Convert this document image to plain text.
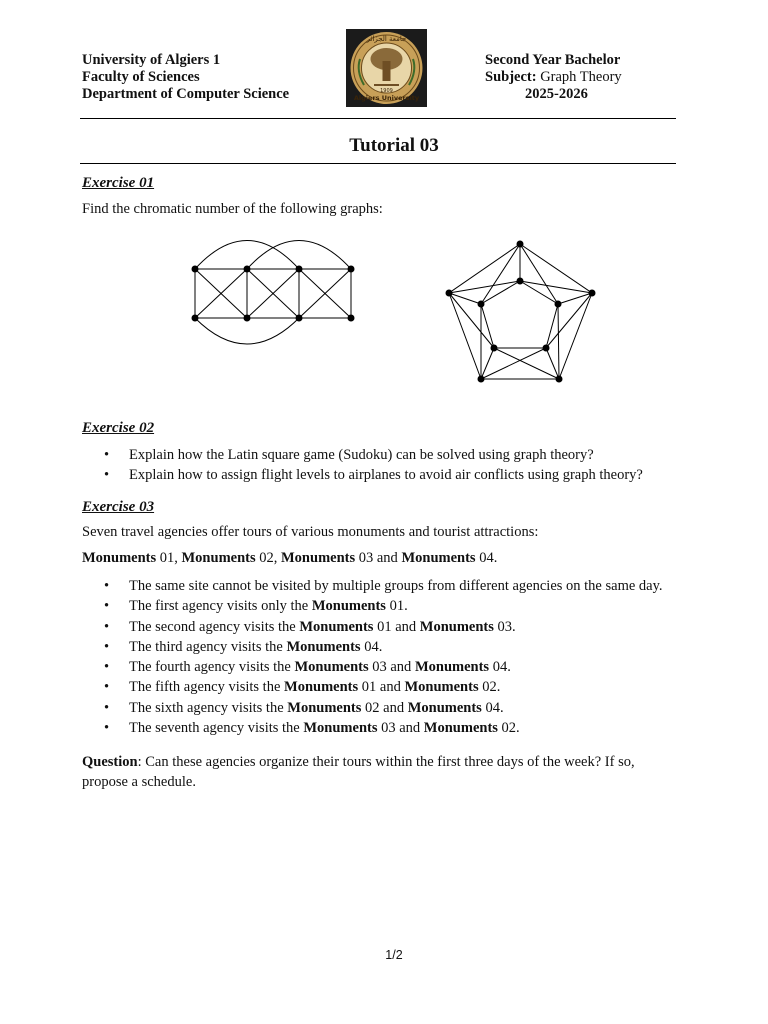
University of Algiers 1
Faculty of Sciences
Department of Computer Science
جامعة الجزائر
Algiers University
1909
Second Year Bachelor
Subject: Graph Theory
2025-2026
Tutorial 03
Exercise 01
Find the chromatic number of the following graphs:
Exercise 02
• Explain how the Latin square game (Sudoku) can be solved using graph theory?
• Explain how to assign flight levels to airplanes to avoid air conflicts using graph theory?
Exercise 03
Seven travel agencies offer tours of various monuments and tourist attractions:
Monuments 01, Monuments 02, Monuments 03 and Monuments 04.
• The same site cannot be visited by multiple groups from different agencies on the same day.
• The first agency visits only the Monuments 01.
• The second agency visits the Monuments 01 and Monuments 03.
• The third agency visits the Monuments 04.
• The fourth agency visits the Monuments 03 and Monuments 04.
• The fifth agency visits the Monuments 01 and Monuments 02.
• The sixth agency visits the Monuments 02 and Monuments 04.
• The seventh agency visits the Monuments 03 and Monuments 02.
Question: Can these agencies organize their tours within the first three days of the week? If so, propose a schedule.
1/2
